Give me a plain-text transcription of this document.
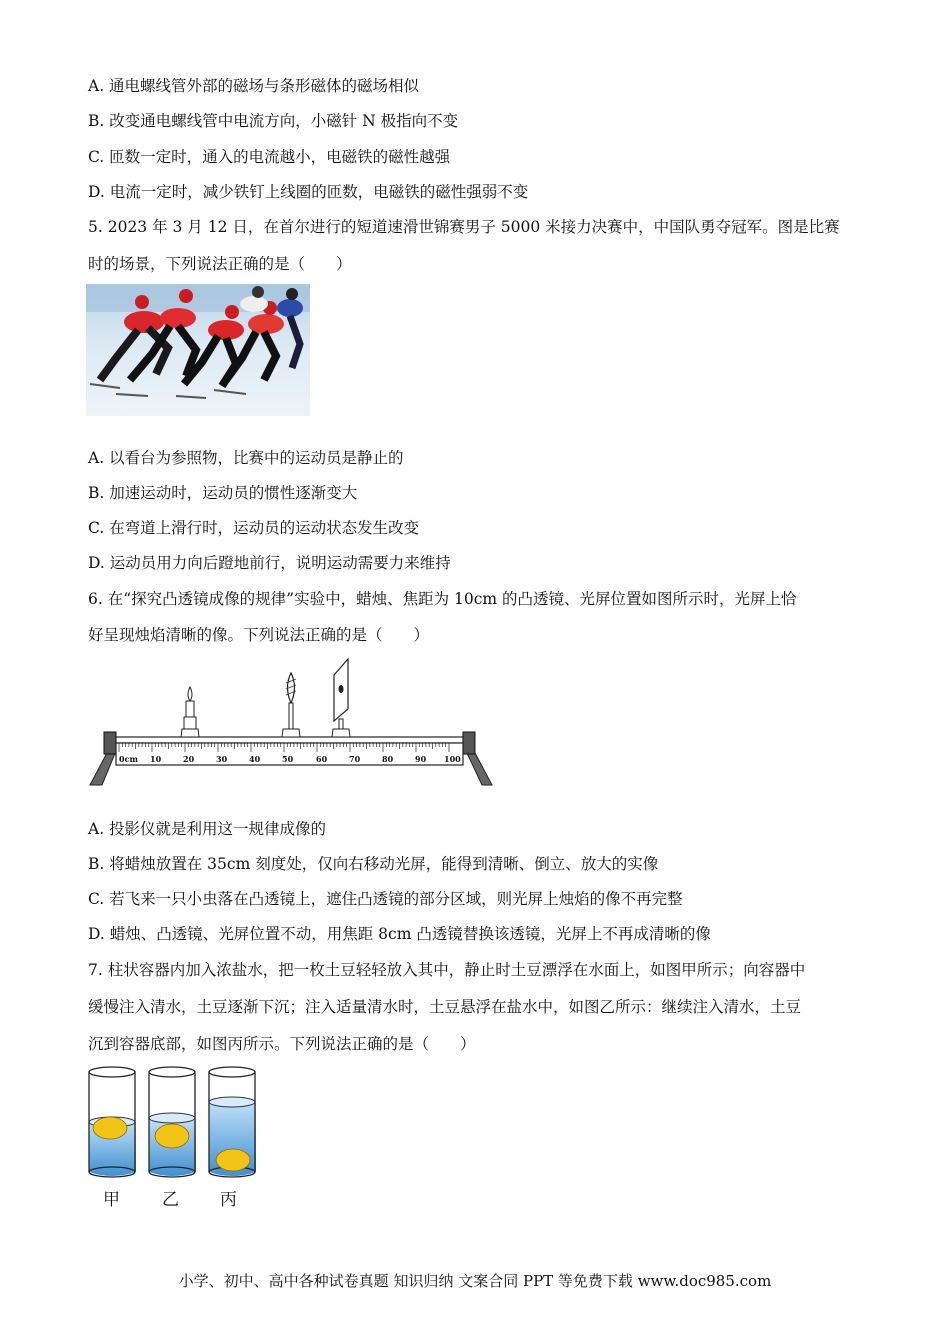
A. 通电螺线管外部的磁场与条形磁体的磁场相似
B. 改变通电螺线管中电流方向，小磁针 N 极指向不变
C. 匝数一定时，通入的电流越小，电磁铁的磁性越强
D. 电流一定时，减少铁钉上线圈的匝数，电磁铁的磁性强弱不变
5. 2023 年 3 月 12 日，在首尔进行的短道速滑世锦赛男子 5000 米接力决赛中，中国队勇夺冠军。图是比赛
时的场景，下列说法正确的是（　　）
A. 以看台为参照物，比赛中的运动员是静止的
B. 加速运动时，运动员的惯性逐渐变大
C. 在弯道上滑行时，运动员的运动状态发生改变
D. 运动员用力向后蹬地前行，说明运动需要力来维持
6. 在“探究凸透镜成像的规律”实验中，蜡烛、焦距为 10cm 的凸透镜、光屏位置如图所示时，光屏上恰
好呈现烛焰清晰的像。下列说法正确的是（　　）
0cm 10	20	30	40	50	60	70	80	90 100
A. 投影仪就是利用这一规律成像的
B. 将蜡烛放置在 35cm 刻度处，仅向右移动光屏，能得到清晰、倒立、放大的实像
C. 若飞来一只小虫落在凸透镜上，遮住凸透镜的部分区域，则光屏上烛焰的像不再完整
D. 蜡烛、凸透镜、光屏位置不动，用焦距 8cm 凸透镜替换该透镜，光屏上不再成清晰的像
7. 柱状容器内加入浓盐水，把一枚土豆轻轻放入其中，静止时土豆漂浮在水面上，如图甲所示；向容器中
缓慢注入清水，土豆逐渐下沉；注入适量清水时，土豆悬浮在盐水中，如图乙所示：继续注入清水，土豆
沉到容器底部，如图丙所示。下列说法正确的是（　　）
甲 乙 丙
小学、初中、高中各种试卷真题 知识归纳 文案合同 PPT 等免费下载 www.doc985.com
